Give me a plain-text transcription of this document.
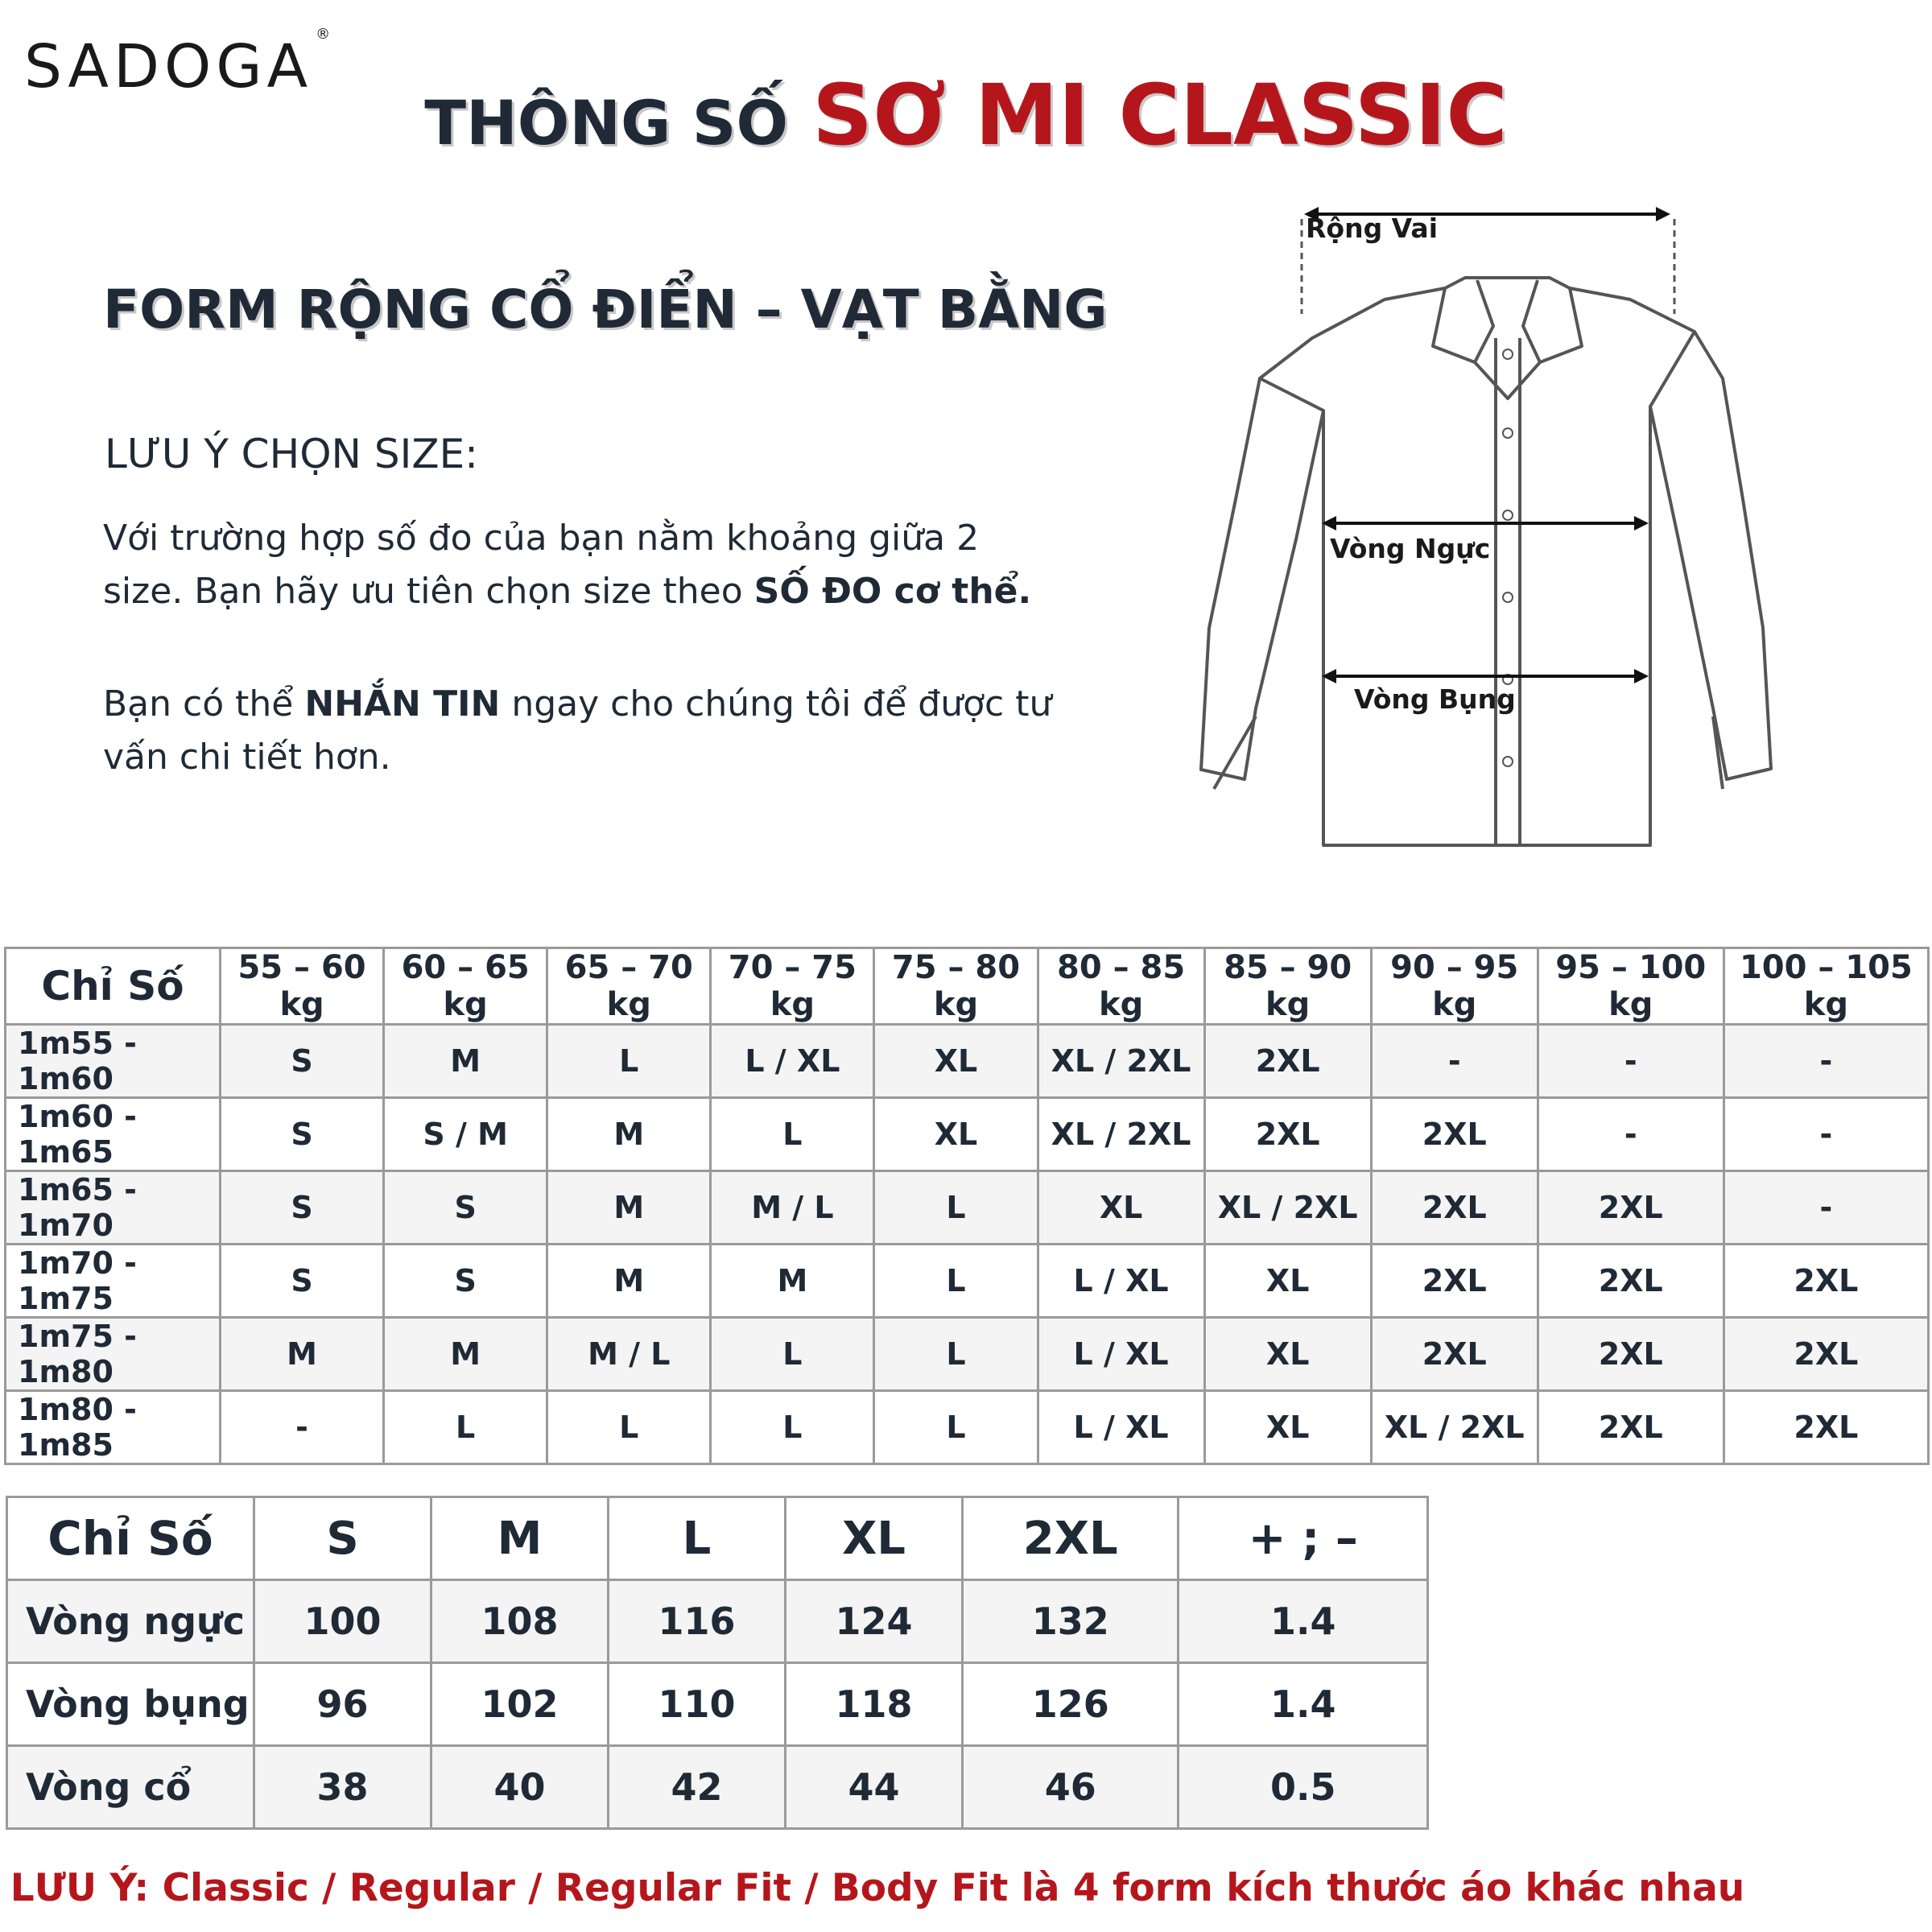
SADOGA ®
THÔNG SỐ SƠ MI CLASSIC
FORM RỘNG CỔ ĐIỂN – VẠT BẰNG
LƯU Ý CHỌN SIZE:
Với trường hợp số đo của bạn nằm khoảng giữa 2 size. Bạn hãy ưu tiên chọn size theo SỐ ĐO cơ thể.
Bạn có thể NHẮN TIN ngay cho chúng tôi để được tư vấn chi tiết hơn.
Rộng Vai
Vòng Ngực
Vòng Bụng
Chỉ Số	55 – 60 kg	60 – 65 kg	65 – 70 kg	70 – 75 kg	75 – 80 kg	80 – 85 kg	85 – 90 kg	90 – 95 kg	95 – 100 kg	100 – 105 kg
1m55 - 1m60	S	M	L	L / XL	XL	XL / 2XL	2XL	-	-	-
1m60 - 1m65	S	S / M	M	L	XL	XL / 2XL	2XL	2XL	-	-
1m65 - 1m70	S	S	M	M / L	L	XL	XL / 2XL	2XL	2XL	-
1m70 - 1m75	S	S	M	M	L	L / XL	XL	2XL	2XL	2XL
1m75 - 1m80	M	M	M / L	L	L	L / XL	XL	2XL	2XL	2XL
1m80 - 1m85	-	L	L	L	L	L / XL	XL	XL / 2XL	2XL	2XL
Chỉ Số	S	M	L	XL	2XL	+ ; –
Vòng ngực	100	108	116	124	132	1.4
Vòng bụng	96	102	110	118	126	1.4
Vòng cổ	38	40	42	44	46	0.5
LƯU Ý: Classic / Regular / Regular Fit / Body Fit là 4 form kích thước áo khác nhau
